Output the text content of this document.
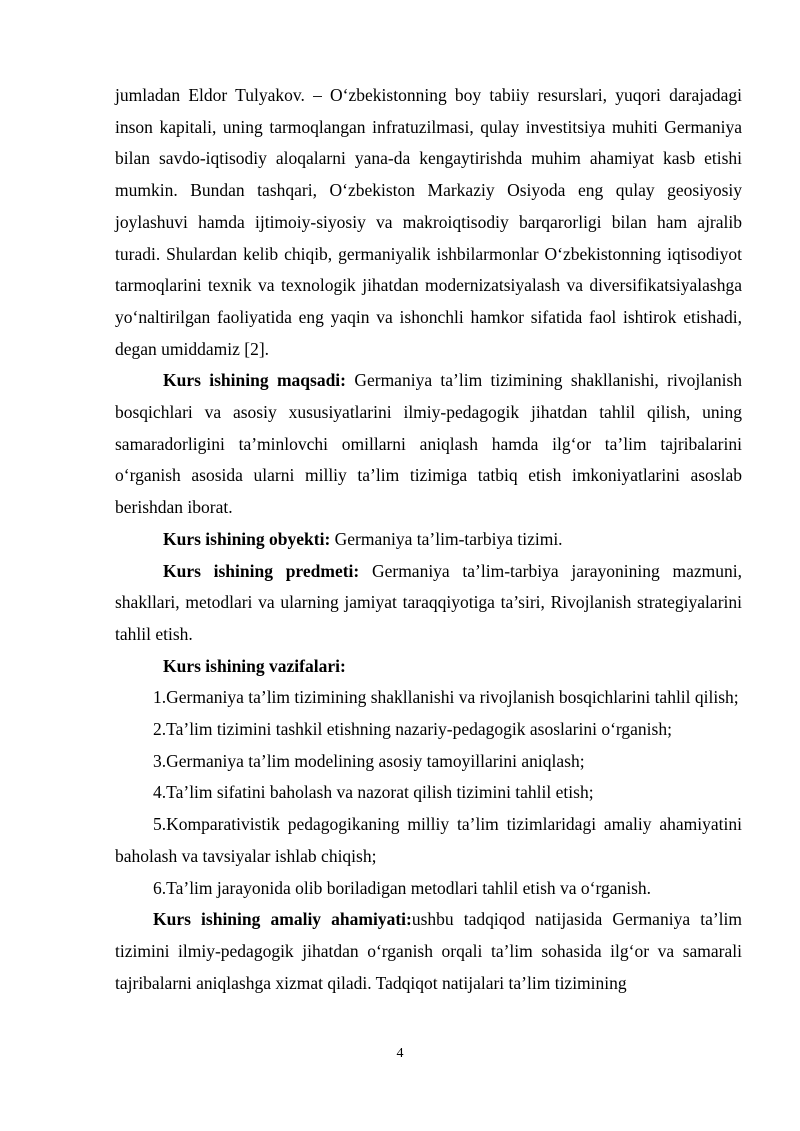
jumladan Eldor Tulyakov. – O‘zbekistonning boy tabiiy resurslari, yuqori darajadagi inson kapitali, uning tarmoqlangan infratuzilmasi, qulay investitsiya muhiti Germaniya bilan savdo-iqtisodiy aloqalarni yana-da kengaytirishda muhim ahamiyat kasb etishi mumkin. Bundan tashqari, O‘zbekiston Markaziy Osiyoda eng qulay geosiyosiy joylashuvi hamda ijtimoiy-siyosiy va makroiqtisodiy barqarorligi bilan ham ajralib turadi. Shulardan kelib chiqib, germaniyalik ishbilarmonlar O‘zbekistonning iqtisodiyot tarmoqlarini texnik va texnologik jihatdan modernizatsiyalash va diversifikatsiyalashga yo‘naltirilgan faoliyatida eng yaqin va ishonchli hamkor sifatida faol ishtirok etishadi, degan umiddamiz [2].

Kurs ishining maqsadi: Germaniya ta’lim tizimining shakllanishi, rivojlanish bosqichlari va asosiy xususiyatlarini ilmiy-pedagogik jihatdan tahlil qilish, uning samaradorligini ta’minlovchi omillarni aniqlash hamda ilg‘or ta’lim tajribalarini o‘rganish asosida ularni milliy ta’lim tizimiga tatbiq etish imkoniyatlarini asoslab berishdan iborat.

Kurs ishining obyekti: Germaniya ta’lim-tarbiya tizimi.

Kurs ishining predmeti: Germaniya ta’lim-tarbiya jarayonining mazmuni, shakllari, metodlari va ularning jamiyat taraqqiyotiga ta’siri, Rivojlanish strategiyalarini tahlil etish.

Kurs ishining vazifalari:

1.Germaniya ta’lim tizimining shakllanishi va rivojlanish bosqichlarini tahlil qilish;

2.Ta’lim tizimini tashkil etishning nazariy-pedagogik asoslarini o‘rganish;

3.Germaniya ta’lim modelining asosiy tamoyillarini aniqlash;

4.Ta’lim sifatini baholash va nazorat qilish tizimini tahlil etish;

5.Komparativistik pedagogikaning milliy ta’lim tizimlaridagi amaliy ahamiyatini baholash va tavsiyalar ishlab chiqish;

6.Ta’lim jarayonida olib boriladigan metodlari tahlil etish va o‘rganish.

Kurs ishining amaliy ahamiyati:ushbu tadqiqod natijasida Germaniya ta’lim tizimini ilmiy-pedagogik jihatdan o‘rganish orqali ta’lim sohasida ilg‘or va samarali tajribalarni aniqlashga xizmat qiladi. Tadqiqot natijalari ta’lim tizimining

4
